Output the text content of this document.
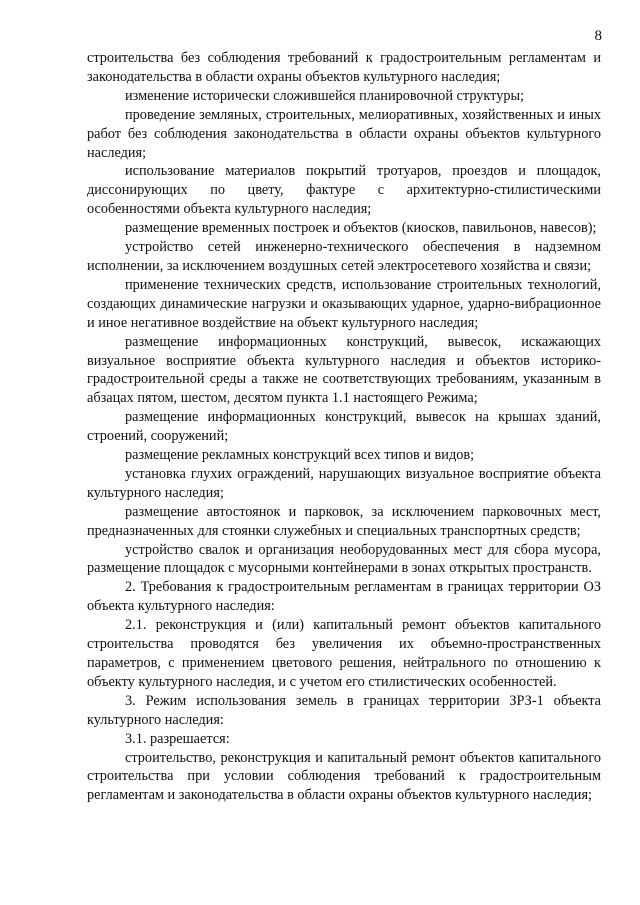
8

строительства без соблюдения требований к градостроительным регламентам и законодательства в области охраны объектов культурного наследия;

изменение исторически сложившейся планировочной структуры;

проведение земляных, строительных, мелиоративных, хозяйственных и иных работ без соблюдения законодательства в области охраны объектов культурного наследия;

использование материалов покрытий тротуаров, проездов и площадок, диссонирующих по цвету, фактуре с архитектурно-стилистическими особенностями объекта культурного наследия;

размещение временных построек и объектов (киосков, павильонов, навесов);

устройство сетей инженерно-технического обеспечения в надземном исполнении, за исключением воздушных сетей электросетевого хозяйства и связи;

применение технических средств, использование строительных технологий, создающих динамические нагрузки и оказывающих ударное, ударно-вибрационное и иное негативное воздействие на объект культурного наследия;

размещение информационных конструкций, вывесок, искажающих визуальное восприятие объекта культурного наследия и объектов историко-градостроительной среды а также не соответствующих требованиям, указанным в абзацах пятом, шестом, десятом пункта 1.1 настоящего Режима;

размещение информационных конструкций, вывесок на крышах зданий, строений, сооружений;

размещение рекламных конструкций всех типов и видов;

установка глухих ограждений, нарушающих визуальное восприятие объекта культурного наследия;

размещение автостоянок и парковок, за исключением парковочных мест, предназначенных для стоянки служебных и специальных транспортных средств;

устройство свалок и организация необорудованных мест для сбора мусора, размещение площадок с мусорными контейнерами в зонах открытых пространств.

2. Требования к градостроительным регламентам в границах территории ОЗ объекта культурного наследия:

2.1. реконструкция и (или) капитальный ремонт объектов капитального строительства проводятся без увеличения их объемно-пространственных параметров, с применением цветового решения, нейтрального по отношению к объекту культурного наследия, и с учетом его стилистических особенностей.

3. Режим использования земель в границах территории ЗРЗ-1 объекта культурного наследия:

3.1. разрешается:

строительство, реконструкция и капитальный ремонт объектов капитального строительства при условии соблюдения требований к градостроительным регламентам и законодательства в области охраны объектов культурного наследия;
